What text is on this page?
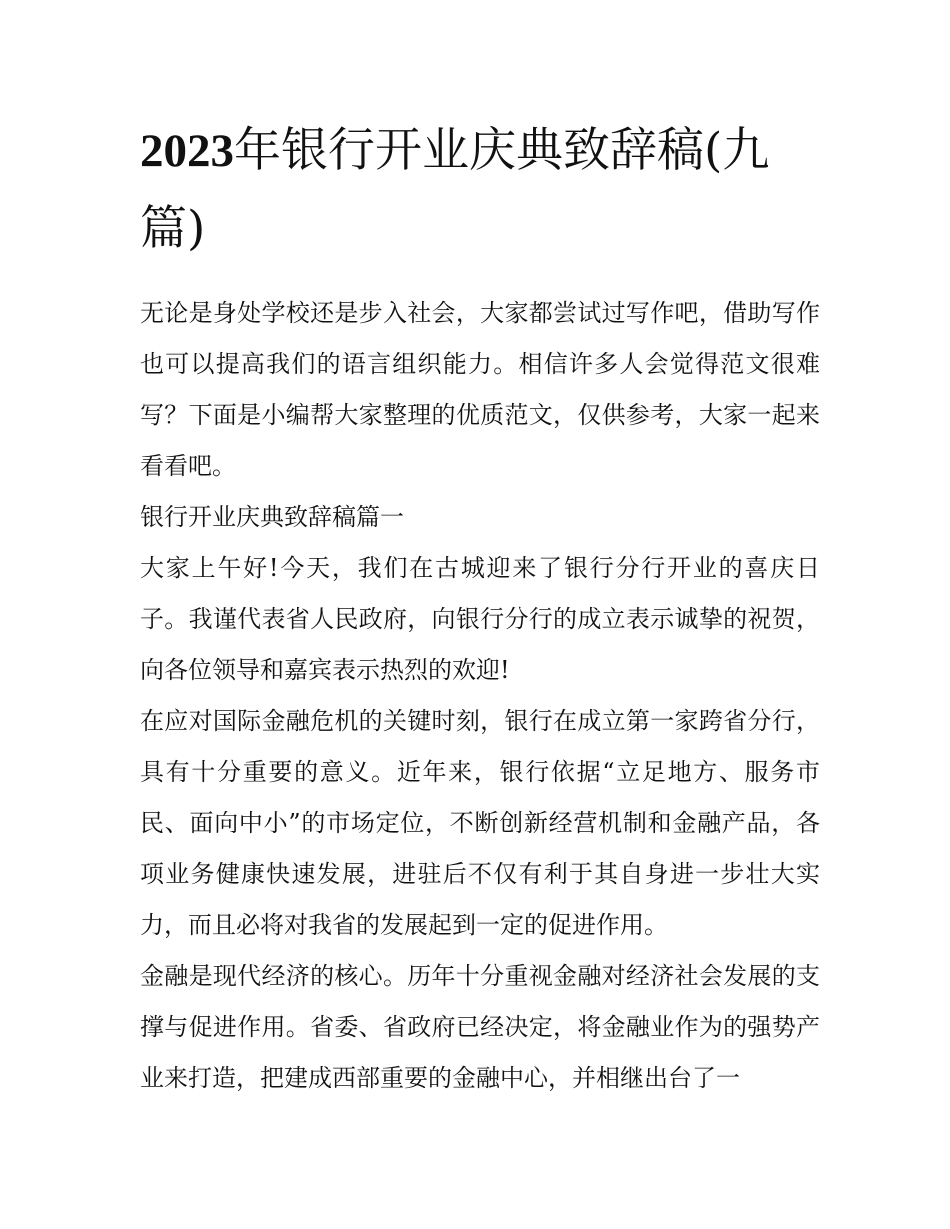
2023年银行开业庆典致辞稿(九篇)

无论是身处学校还是步入社会，大家都尝试过写作吧，借助写作也可以提高我们的语言组织能力。相信许多人会觉得范文很难写？下面是小编帮大家整理的优质范文，仅供参考，大家一起来看看吧。

银行开业庆典致辞稿篇一

大家上午好!今天，我们在古城迎来了银行分行开业的喜庆日子。我谨代表省人民政府，向银行分行的成立表示诚挚的祝贺，向各位领导和嘉宾表示热烈的欢迎!

在应对国际金融危机的关键时刻，银行在成立第一家跨省分行，具有十分重要的意义。近年来，银行依据“立足地方、服务市民、面向中小”的市场定位，不断创新经营机制和金融产品，各项业务健康快速发展，进驻后不仅有利于其自身进一步壮大实力，而且必将对我省的发展起到一定的促进作用。

金融是现代经济的核心。历年十分重视金融对经济社会发展的支撑与促进作用。省委、省政府已经决定，将金融业作为的强势产业来打造，把建成西部重要的金融中心，并相继出台了一
